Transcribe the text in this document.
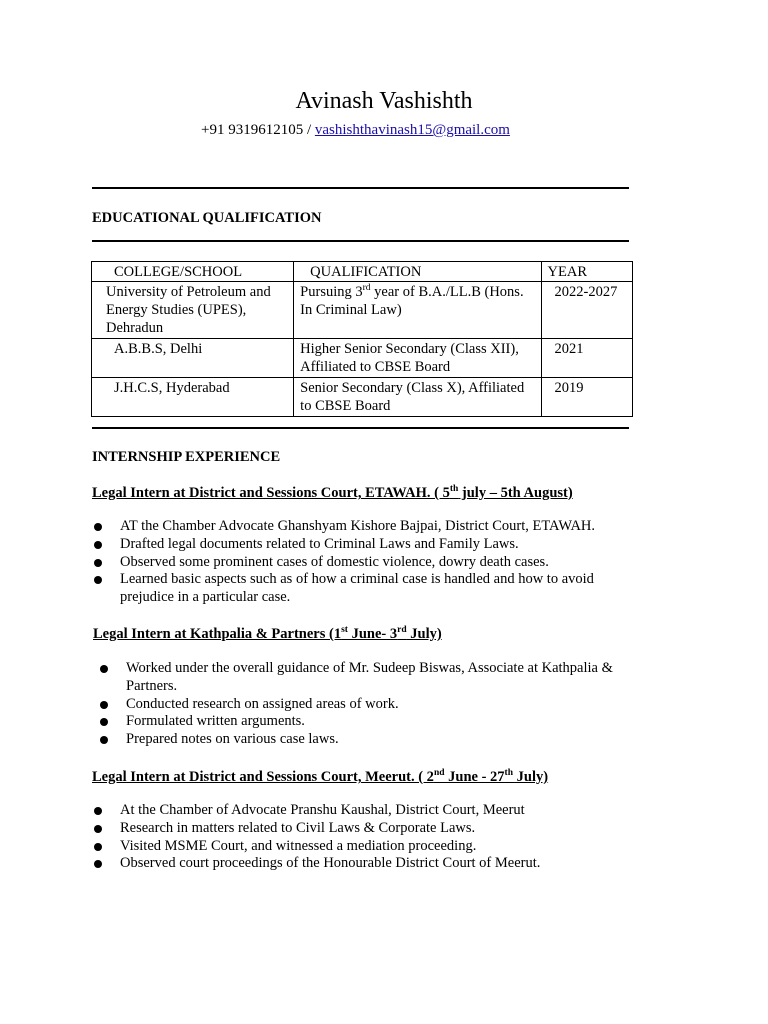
Avinash Vashishth
+91 9319612105 / vashishthavinash15@gmail.com
EDUCATIONAL QUALIFICATION
COLLEGE/SCHOOL	QUALIFICATION	YEAR
University of Petroleum and Energy Studies (UPES), Dehradun	Pursuing 3rd year of B.A./LL.B (Hons. In Criminal Law)	2022-2027
A.B.B.S, Delhi	Higher Senior Secondary (Class XII), Affiliated to CBSE Board	2021
J.H.C.S, Hyderabad	Senior Secondary (Class X), Affiliated to CBSE Board	2019
INTERNSHIP EXPERIENCE
Legal Intern at District and Sessions Court, ETAWAH. ( 5th july – 5th August)
AT the Chamber Advocate Ghanshyam Kishore Bajpai, District Court, ETAWAH.
Drafted legal documents related to Criminal Laws and Family Laws.
Observed some prominent cases of domestic violence, dowry death cases.
Learned basic aspects such as of how a criminal case is handled and how to avoid prejudice in a particular case.
Legal Intern at Kathpalia & Partners (1st June- 3rd July)
Worked under the overall guidance of Mr. Sudeep Biswas, Associate at Kathpalia & Partners.
Conducted research on assigned areas of work.
Formulated written arguments.
Prepared notes on various case laws.
Legal Intern at District and Sessions Court, Meerut. ( 2nd June - 27th July)
At the Chamber of Advocate Pranshu Kaushal, District Court, Meerut
Research in matters related to Civil Laws & Corporate Laws.
Visited MSME Court, and witnessed a mediation proceeding.
Observed court proceedings of the Honourable District Court of Meerut.
